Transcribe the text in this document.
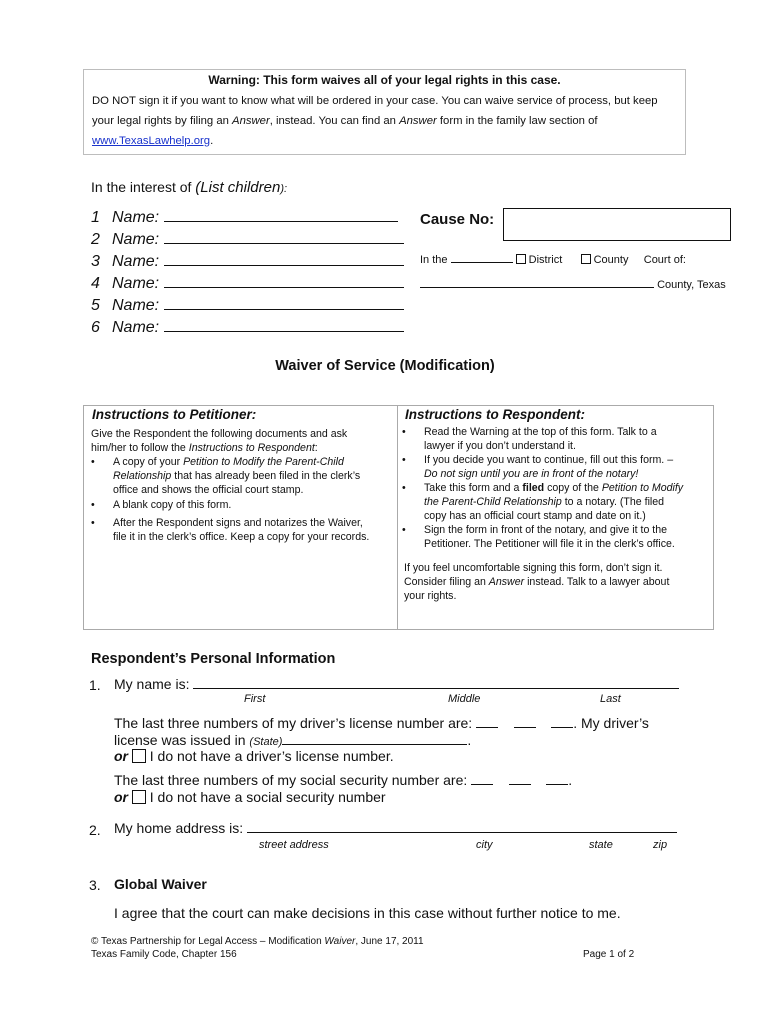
Warning: This form waives all of your legal rights in this case.
DO NOT sign it if you want to know what will be ordered in your case. You can waive service of process, but keep
your legal rights by filing an Answer, instead. You can find an Answer form in the family law section of
www.TexasLawhelp.org.
In the interest of (List children):
1 Name:
2 Name:
3 Name:
4 Name:
5 Name:
6 Name:
Cause No:
In the	District	County Court of:
County, Texas
Waiver of Service (Modification)
Instructions to Petitioner:
Give the Respondent the following documents and ask
him/her to follow the Instructions to Respondent:
• A copy of your Petition to Modify the Parent-Child
Relationship that has already been filed in the clerk’s
office and shows the official court stamp.
• A blank copy of this form.
• After the Respondent signs and notarizes the Waiver,
file it in the clerk’s office. Keep a copy for your records.
Instructions to Respondent:
• Read the Warning at the top of this form. Talk to a
lawyer if you don’t understand it.
• If you decide you want to continue, fill out this form. –
Do not sign until you are in front of the notary!
• Take this form and a filed copy of the Petition to Modify
the Parent-Child Relationship to a notary. (The filed
copy has an official court stamp and date on it.)
• Sign the form in front of the notary, and give it to the
Petitioner. The Petitioner will file it in the clerk’s office.
If you feel uncomfortable signing this form, don’t sign it.
Consider filing an Answer instead. Talk to a lawyer about
your rights.
Respondent’s Personal Information
1. My name is:
First	Middle	Last
The last three numbers of my driver’s license number are:	. My driver’s
license was issued in (State)	.
or I do not have a driver’s license number.
The last three numbers of my social security number are:	.
or I do not have a social security number
2. My home address is:
street address	city	state	zip
3. Global Waiver
I agree that the court can make decisions in this case without further notice to me.
© Texas Partnership for Legal Access – Modification Waiver, June 17, 2011
Texas Family Code, Chapter 156	Page 1 of 2
